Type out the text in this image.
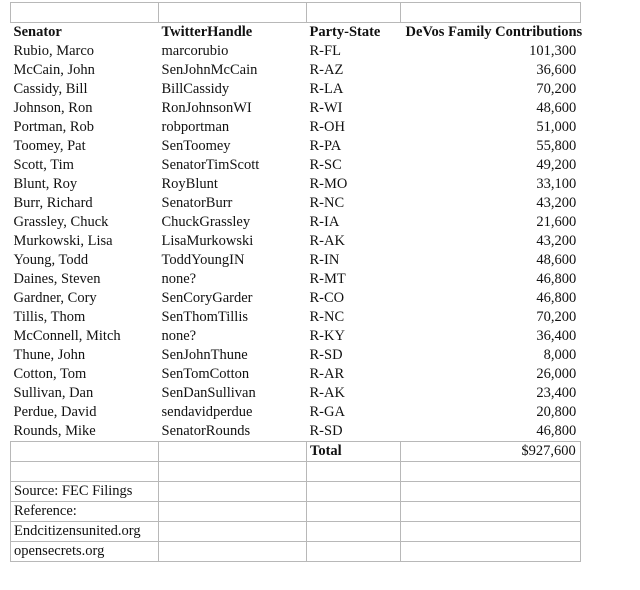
Senator	TwitterHandle	Party-State	DeVos Family Contributions
Rubio, Marco	marcorubio	R-FL	101,300
McCain, John	SenJohnMcCain	R-AZ	36,600
Cassidy, Bill	BillCassidy	R-LA	70,200
Johnson, Ron	RonJohnsonWI	R-WI	48,600
Portman, Rob	robportman	R-OH	51,000
Toomey, Pat	SenToomey	R-PA	55,800
Scott, Tim	SenatorTimScott	R-SC	49,200
Blunt, Roy	RoyBlunt	R-MO	33,100
Burr, Richard	SenatorBurr	R-NC	43,200
Grassley, Chuck	ChuckGrassley	R-IA	21,600
Murkowski, Lisa	LisaMurkowski	R-AK	43,200
Young, Todd	ToddYoungIN	R-IN	48,600
Daines, Steven	none?	R-MT	46,800
Gardner, Cory	SenCoryGarder	R-CO	46,800
Tillis, Thom	SenThomTillis	R-NC	70,200
McConnell, Mitch	none?	R-KY	36,400
Thune, John	SenJohnThune	R-SD	8,000
Cotton, Tom	SenTomCotton	R-AR	26,000
Sullivan, Dan	SenDanSullivan	R-AK	23,400
Perdue, David	sendavidperdue	R-GA	20,800
Rounds, Mike	SenatorRounds	R-SD	46,800
		Total	$927,600

Source: FEC Filings			
Reference:			
Endcitizensunited.org			
opensecrets.org			
